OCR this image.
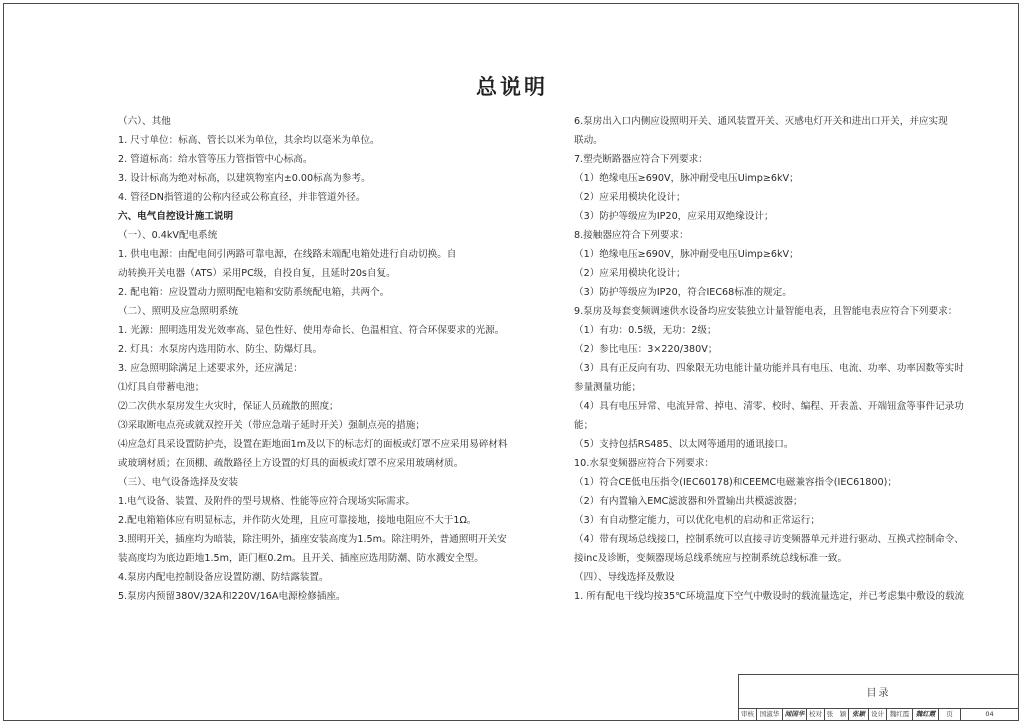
总说明
（六）、其他
1. 尺寸单位：标高、管长以米为单位，其余均以毫米为单位。
2. 管道标高：给水管等压力管指管中心标高。
3. 设计标高为绝对标高，以建筑物室内±0.00标高为参考。
4. 管径DN指管道的公称内径或公称直径，并非管道外径。
六、电气自控设计施工说明
（一）、0.4kV配电系统
1. 供电电源：由配电间引两路可靠电源，在线路末端配电箱处进行自动切换。自
动转换开关电器（ATS）采用PC级，自投自复，且延时20s自复。
2. 配电箱：应设置动力照明配电箱和安防系统配电箱，共两个。
（二）、照明及应急照明系统
1. 光源：照明选用发光效率高、显色性好、使用寿命长、色温相宜、符合环保要求的光源。
2. 灯具：水泵房内选用防水、防尘、防爆灯具。
3. 应急照明除满足上述要求外，还应满足：
⑴灯具自带蓄电池；
⑵二次供水泵房发生火灾时，保证人员疏散的照度；
⑶采取断电点亮或就双控开关（带应急端子延时开关）强制点亮的措施；
⑷应急灯具采设置防护壳，设置在距地面1m及以下的标志灯的面板或灯罩不应采用易碎材料
或玻璃材质；在顶棚、疏散路径上方设置的灯具的面板或灯罩不应采用玻璃材质。
（三）、电气设备选择及安装
1.电气设备、装置、及附件的型号规格、性能等应符合现场实际需求。
2.配电箱箱体应有明显标志，并作防火处理，且应可靠接地，接地电阻应不大于1Ω。
3.照明开关，插座均为暗装，除注明外，插座安装高度为1.5m。除注明外，普通照明开关安
装高度均为底边距地1.5m，距门框0.2m。且开关、插座应选用防潮、防水溅安全型。
4.泵房内配电控制设备应设置防潮、防结露装置。
5.泵房内预留380V/32A和220V/16A电源检修插座。
6.泵房出入口内侧应设照明开关、通风装置开关、灭感电灯开关和进出口开关，并应实现
联动。
7.塑壳断路器应符合下列要求：
（1）绝缘电压≥690V，脉冲耐受电压Uimp≥6kV；
（2）应采用模块化设计；
（3）防护等级应为IP20，应采用双绝缘设计；
8.接触器应符合下列要求：
（1）绝缘电压≥690V，脉冲耐受电压Uimp≥6kV；
（2）应采用模块化设计；
（3）防护等级应为IP20，符合IEC68标准的规定。
9.泵房及每套变频调速供水设备均应安装独立计量智能电表，且智能电表应符合下列要求：
（1）有功：0.5级，无功：2级；
（2）参比电压：3×220/380V；
（3）具有正反向有功、四象限无功电能计量功能并具有电压、电流、功率、功率因数等实时
参量测量功能；
（4）具有电压异常、电流异常、掉电、清零、校时、编程、开表盖、开端钮盒等事件记录功
能；
（5）支持包括RS485、以太网等通用的通讯接口。
10.水泵变频器应符合下列要求：
（1）符合CE低电压指令(IEC60178)和CEEMC电磁兼容指令(IEC61800)；
（2）有内置输入EMC滤波器和外置输出共模滤波器；
（3）有自动整定能力，可以优化电机的启动和正常运行；
（4）带有现场总线接口，控制系统可以直接寻访变频器单元并进行驱动、互换式控制命令、
接inc及诊断，变频器现场总线系统应与控制系统总线标准一致。
（四）、导线选择及敷设
1. 所有配电干线均按35℃环境温度下空气中敷设时的载流量选定，并已考虑集中敷设的载流
目录
审核 国淑华 闻国华 校对 张　颖 张颖 设计 魏红霞	魏红霞	页	04
